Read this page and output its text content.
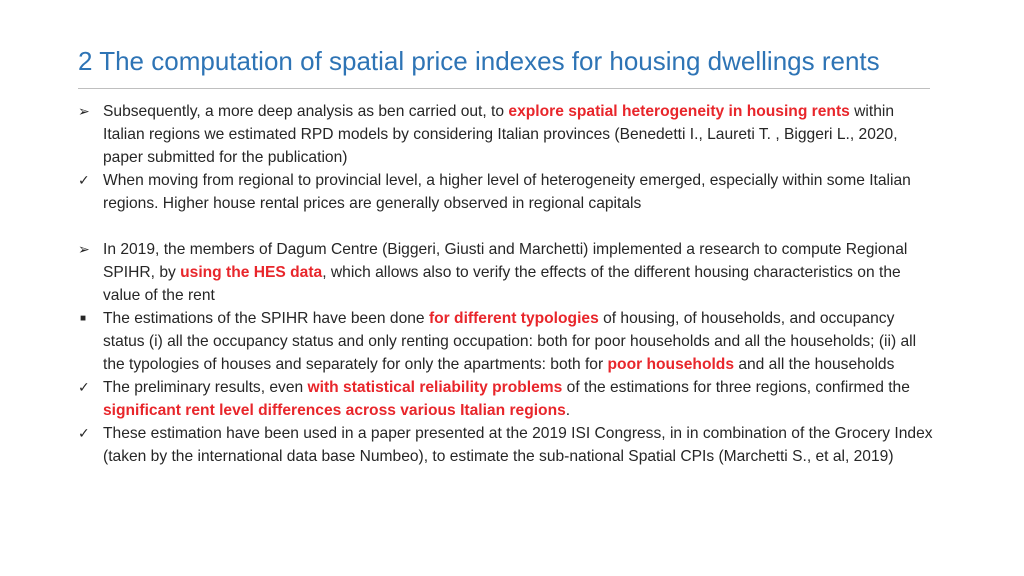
2 The computation of spatial price indexes for housing dwellings rents
➢ Subsequently, a more deep analysis as ben carried out, to explore spatial heterogeneity in housing rents within Italian regions we estimated RPD models by considering Italian provinces (Benedetti I., Laureti T. , Biggeri L., 2020, paper submitted for the publication)
✓ When moving from regional to provincial level, a higher level of heterogeneity emerged, especially within some Italian regions. Higher house rental prices are generally observed in regional capitals
➢ In 2019, the members of Dagum Centre (Biggeri, Giusti and Marchetti) implemented a research to compute Regional SPIHR, by using the HES data, which allows also to verify the effects of the different housing characteristics on the value of the rent
■	The estimations of the SPIHR have been done for different typologies of housing, of households, and occupancy status (i) all the occupancy status and only renting occupation: both for poor households and all the households; (ii) all the typologies of houses and separately for only the apartments: both for poor households and all the households
✓ The preliminary results, even with statistical reliability problems of the estimations for three regions, confirmed the significant rent level differences across various Italian regions.
✓ These estimation have been used in a paper presented at the 2019 ISI Congress, in in combination of the Grocery Index (taken by the international data base Numbeo), to estimate the sub-national Spatial CPIs (Marchetti S., et al, 2019)
